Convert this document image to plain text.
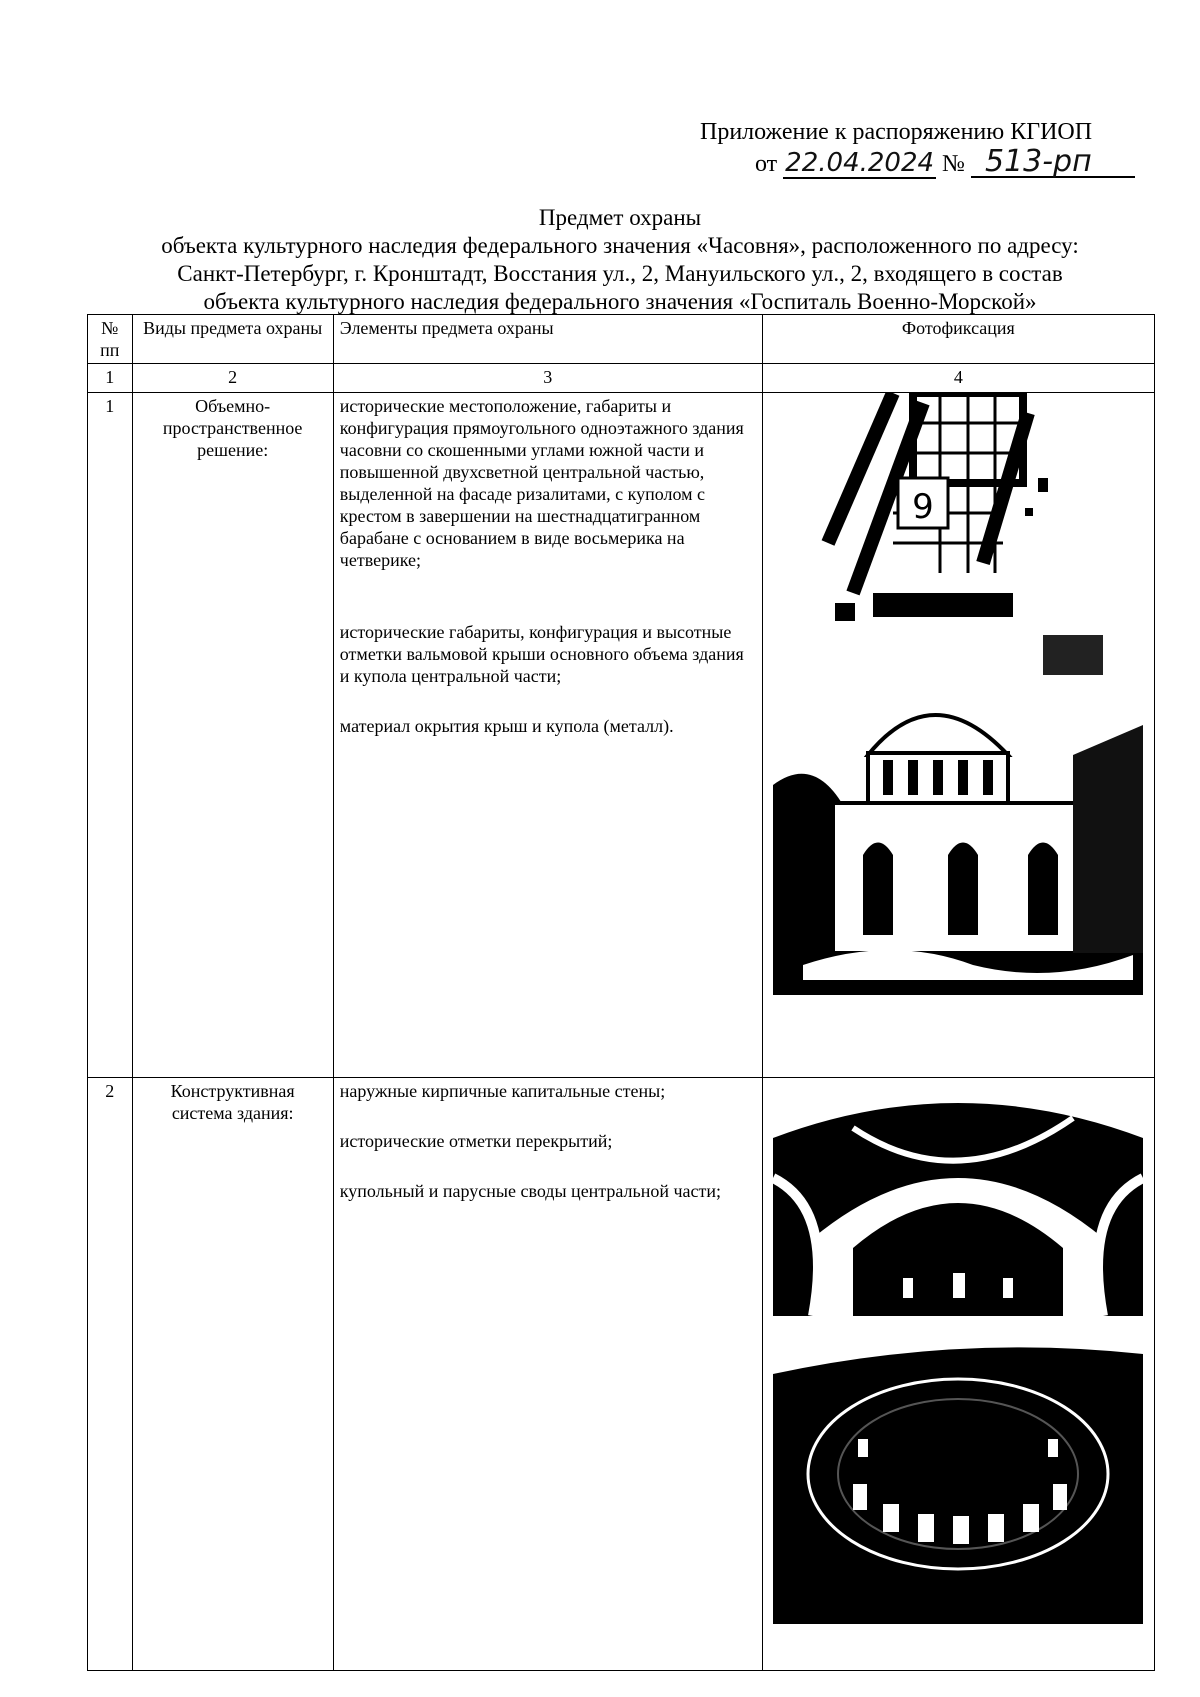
Приложение к распоряжению КГИОП
от 22.04.2024 № 513-рп
Предмет охраны
объекта культурного наследия федерального значения «Часовня», расположенного по адресу:
Санкт-Петербург, г. Кронштадт, Восстания ул., 2, Мануильского ул., 2, входящего в состав
объекта культурного наследия федерального значения «Госпиталь Военно-Морской»
№ пп	Виды предмета охраны	Элементы предмета охраны	Фотофиксация
1	2	3	4
1	Объемно-пространственное решение:	исторические местоположение, габариты и конфигурация прямоугольного одноэтажного здания часовни со скошенными углами южной части и повышенной двухсветной центральной частью, выделенной на фасаде ризалитами, с куполом с крестом в завершении на шестнадцатигранном барабане с основанием в виде восьмерика на четверике;

исторические габариты, конфигурация и высотные отметки вальмовой крыши основного объема здания и купола центральной части;

материал окрытия крыш и купола (металл).	9

2	Конструктивная система здания:	наружные кирпичные капитальные стены;

исторические отметки перекрытий;

купольный и парусные своды центральной части;
